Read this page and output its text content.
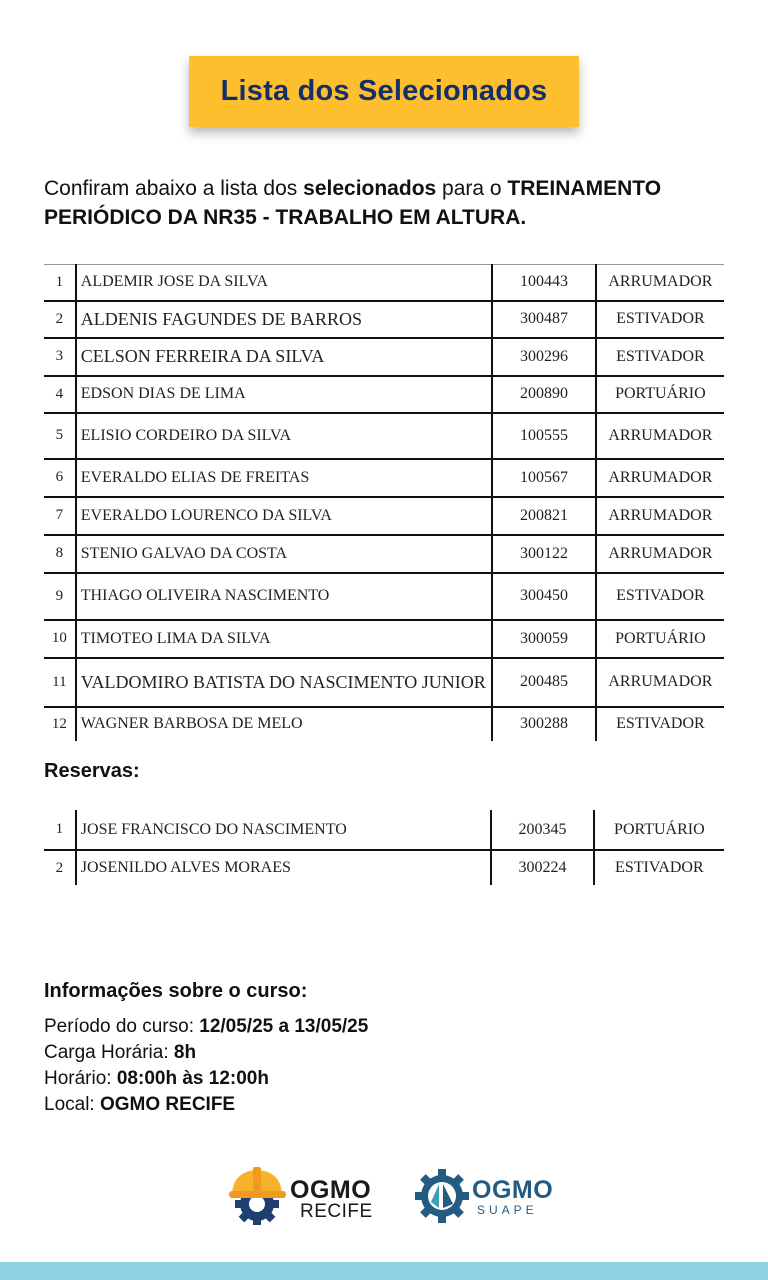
Lista dos Selecionados
Confiram abaixo a lista dos selecionados para o TREINAMENTO PERIÓDICO DA NR35 - TRABALHO EM ALTURA.
1	ALDEMIR JOSE DA SILVA	100443	ARRUMADOR
2	ALDENIS FAGUNDES DE BARROS	300487	ESTIVADOR
3	CELSON FERREIRA DA SILVA	300296	ESTIVADOR
4	EDSON DIAS DE LIMA	200890	PORTUÁRIO
5	ELISIO CORDEIRO DA SILVA	100555	ARRUMADOR
6	EVERALDO ELIAS DE FREITAS	100567	ARRUMADOR
7	EVERALDO LOURENCO DA SILVA	200821	ARRUMADOR
8	STENIO GALVAO DA COSTA	300122	ARRUMADOR
9	THIAGO OLIVEIRA NASCIMENTO	300450	ESTIVADOR
10	TIMOTEO LIMA DA SILVA	300059	PORTUÁRIO
11	VALDOMIRO BATISTA DO NASCIMENTO JUNIOR	200485	ARRUMADOR
12	WAGNER BARBOSA DE MELO	300288	ESTIVADOR
Reservas:
1	JOSE FRANCISCO DO NASCIMENTO	200345	PORTUÁRIO
2	JOSENILDO ALVES MORAES	300224	ESTIVADOR
Informações sobre o curso:
Período do curso: 12/05/25 a 13/05/25
Carga Horária: 8h
Horário: 08:00h às 12:00h
Local: OGMO RECIFE
OGMO
RECIFE
OGMO
SUAPE
